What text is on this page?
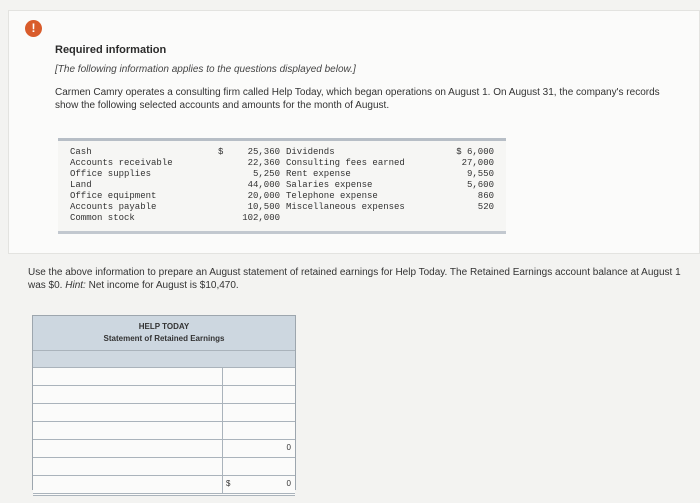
!
Required information
[The following information applies to the questions displayed below.]
Carmen Camry operates a consulting firm called Help Today, which began operations on August 1. On August 31, the company's records show the following selected accounts and amounts for the month of August.
Cash
Accounts receivable
Office supplies
Land
Office equipment
Accounts payable
Common stock
$	25,360
22,360
5,250
44,000
20,000
10,500
102,000
Dividends
Consulting fees earned
Rent expense
Salaries expense
Telephone expense
Miscellaneous expenses
$ 6,000
27,000
9,550
5,600
860
520
Use the above information to prepare an August statement of retained earnings for Help Today. The Retained Earnings account balance at August 1 was $0. Hint: Net income for August is $10,470.
HELP TODAY
Statement of Retained Earnings
0
$	0
